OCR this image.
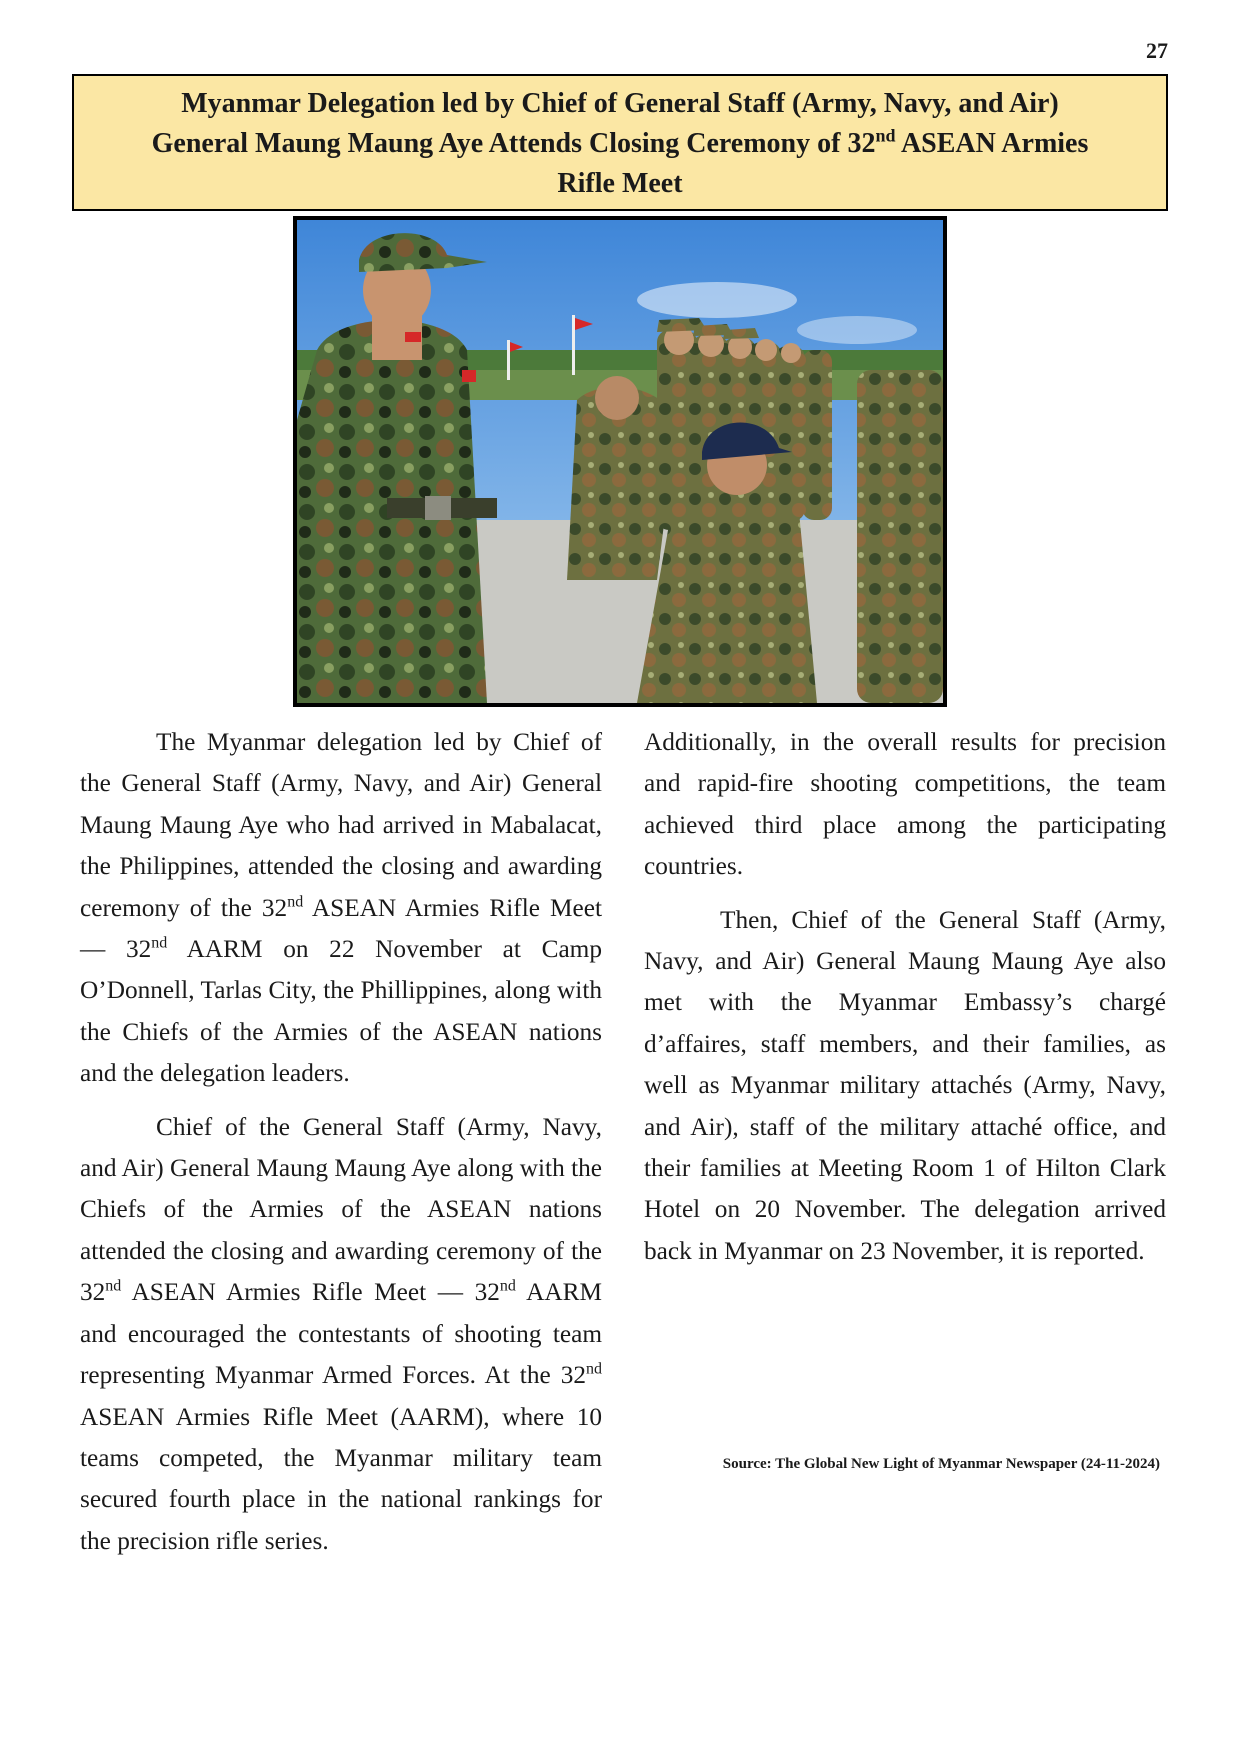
27
Myanmar Delegation led by Chief of General Staff (Army, Navy, and Air)
General Maung Maung Aye Attends Closing Ceremony of 32nd ASEAN Armies
Rifle Meet

The Myanmar delegation led by Chief of the General Staff (Army, Navy, and Air) General Maung Maung Aye who had arrived in Mabalacat, the Philippines, attended the closing and awarding ceremony of the 32nd ASEAN Armies Rifle Meet — 32nd AARM on 22 November at Camp O’Donnell, Tarlas City, the Phillippines, along with the Chiefs of the Armies of the ASEAN nations and the delegation leaders.

Chief of the General Staff (Army, Navy, and Air) General Maung Maung Aye along with the Chiefs of the Armies of the ASEAN nations attended the closing and awarding ceremony of the 32nd ASEAN Armies Rifle Meet — 32nd AARM and encouraged the contestants of shooting team representing Myanmar Armed Forces. At the 32nd ASEAN Armies Rifle Meet (AARM), where 10 teams competed, the Myanmar military team secured fourth place in the national rankings for the precision rifle series.

Additionally, in the overall results for precision and rapid-fire shooting competitions, the team achieved third place among the participating countries.

Then, Chief of the General Staff (Army, Navy, and Air) General Maung Maung Aye also met with the Myanmar Embassy’s chargé d’affaires, staff members, and their families, as well as Myanmar military attachés (Army, Navy, and Air), staff of the military attaché office, and their families at Meeting Room 1 of Hilton Clark Hotel on 20 November. The delegation arrived back in Myanmar on 23 November, it is reported.

Source: The Global New Light of Myanmar Newspaper (24-11-2024)
